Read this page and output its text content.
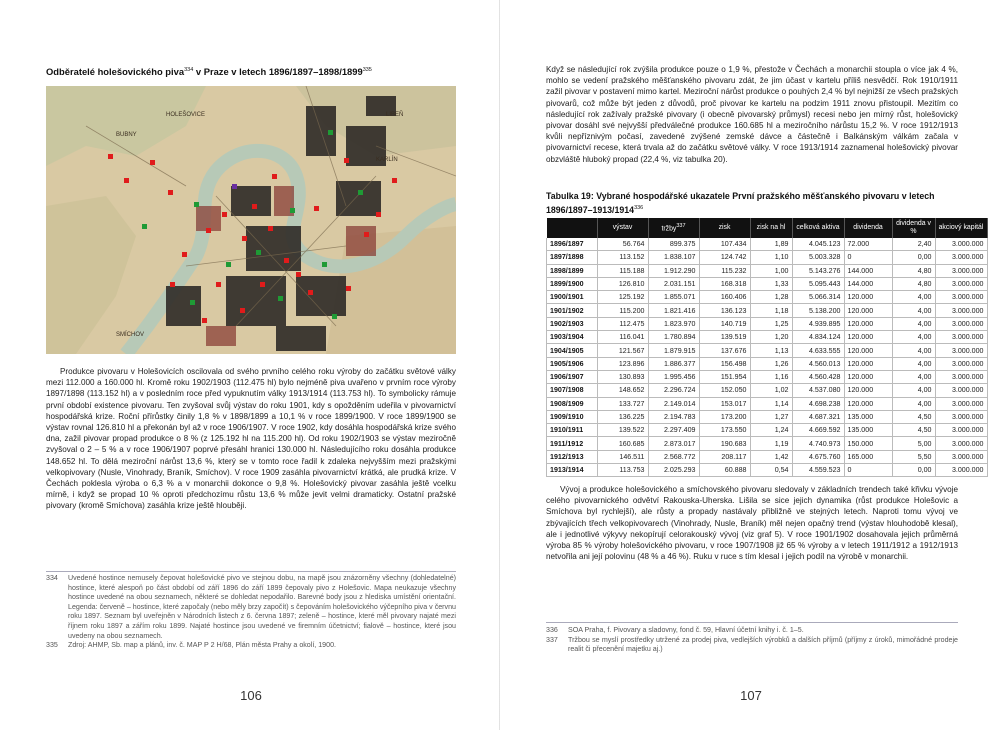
Odběratelé holešovického piva$^{334}$ v Praze v letech 1896/1897–1898/1899$^{335}$
HOLEŠOVICE
BUBNY
LIBEŇ
KARLÍN
SMÍCHOV

Produkce pivovaru v Holešovicích oscilovala od svého prvního celého roku výroby do začátku světové války mezi 112.000 a 160.000 hl. Kromě roku 1902/1903 (112.475 hl) bylo nejméně piva uvařeno v prvním roce výroby 1897/1898 (113.152 hl) a v posledním roce před vypuknutím války 1913/1914 (113.753 hl). To symbolicky rámuje první období existence pivovaru. Ten zvyšoval svůj výstav do roku 1901, kdy s opožděním udeřila v pivovarnictví hospodářská krize. Roční přírůstky činily 1,8 % v 1898/1899 a 10,1 % v roce 1899/1900. V roce 1899/1900 se výstav rovnal 126.810 hl a překonán byl až v roce 1906/1907. V roce 1902, kdy dosáhla hospodářská krize svého dna, zažil pivovar propad produkce o 8 % (z 125.192 hl na 115.200 hl). Od roku 1902/1903 se výstav meziročně zvyšoval o 2 – 5 % a v roce 1906/1907 poprvé přesáhl hranici 130.000 hl. Následujícího roku dosáhla produkce 148.652 hl. To dělá meziroční nárůst 13,6 %, který se v tomto roce řadil k zdaleka nejvyšším mezi pražskými velkopivovary (Nusle, Vinohrady, Braník, Smíchov). V roce 1909 zasáhla pivovarnictví krátká, ale prudká krize. V Čechách poklesla výroba o 6,3 % a v monarchii dokonce o 9,8 %. Holešovický pivovar zasáhla ještě vcelku mírně, i když se propad 10 % oproti předchozímu růstu 13,6 % může jevit velmi dramaticky. Ostatní pražské pivovary (kromě Smíchova) zasáhla krize ještě hlouběji.

334	Uvedené hostince nemusely čepovat holešovické pivo ve stejnou dobu, na mapě jsou znázorněny všechny (dohledatelné) hostince, které alespoň po část období od září 1896 do září 1899 čepovaly pivo z Holešovic. Mapa neukazuje všechny hostince uvedené na obou seznamech, některé se dohledat nepodařilo. Barevné body jsou z hlediska umístění orientační. Legenda: červeně – hostince, které započaly (nebo měly brzy započít) s čepováním holešovického výčepního piva v červnu roku 1897. Seznam byl uveřejněn v Národních listech z 6. června 1897; zeleně – hostince, které měl pivovary najaté mezi říjnem roku 1897 a zářím roku 1899. Najaté hostince jsou uvedené ve firemním účetnictví; fialově – hostince, které jsou uvedeny na obou seznamech.
335	Zdroj: AHMP, Sb. map a plánů, inv. č. MAP P 2 H/68, Plán města Prahy a okolí, 1900.
106

Když se následující rok zvýšila produkce pouze o 1,9 %, přestože v Čechách a monarchii stoupla o více jak 4 %, mohlo se vedení pražského měšťanského pivovaru zdát, že jim účast v kartelu příliš nesvědčí. Rok 1910/1911 zažil pivovar v postavení mimo kartel. Meziroční nárůst produkce o pouhých 2,4 % byl nejnižší ze všech pražských pivovarů, což může být jeden z důvodů, proč pivovar ke kartelu na podzim 1911 znovu přistoupil. Mezitím co následující rok zažívaly pražské pivovary (i obecně pivovarský průmysl) recesi nebo jen mírný růst, holešovický pivovar dosáhl své nejvyšší předválečné produkce 160.685 hl a meziročního nárůstu 15,2 %. V roce 1912/1913 kvůli nepříznivým počasí, zavedené zvýšené zemské dávce a částečně i Balkánským válkám začala v pivovarnictví recese, která trvala až do začátku světové války. V roce 1913/1914 zaznamenal holešovický pivovar obzvláště hluboký propad (22,4 %, viz tabulka 20).

Tabulka 19: Vybrané hospodářské ukazatele První pražského měšťanského pivovaru v letech 1896/1897–1913/1914$^{336}$
	výstav	tržby$^{337}$	zisk	zisk na hl	celková aktiva	dividenda	dividenda v %	akciový kapitál
1896/1897	56.764	899.375	107.434	1,89	4.045.123	72.000	2,40	3.000.000
1897/1898	113.152	1.838.107	124.742	1,10	5.003.328	0	0,00	3.000.000
1898/1899	115.188	1.912.290	115.232	1,00	5.143.276	144.000	4,80	3.000.000
1899/1900	126.810	2.031.151	168.318	1,33	5.095.443	144.000	4,80	3.000.000
1900/1901	125.192	1.855.071	160.406	1,28	5.066.314	120.000	4,00	3.000.000
1901/1902	115.200	1.821.416	136.123	1,18	5.138.200	120.000	4,00	3.000.000
1902/1903	112.475	1.823.970	140.719	1,25	4.939.895	120.000	4,00	3.000.000
1903/1904	116.041	1.780.894	139.519	1,20	4.834.124	120.000	4,00	3.000.000
1904/1905	121.567	1.879.915	137.676	1,13	4.633.555	120.000	4,00	3.000.000
1905/1906	123.896	1.886.377	156.498	1,26	4.560.013	120.000	4,00	3.000.000
1906/1907	130.893	1.995.456	151.954	1,16	4.560.428	120.000	4,00	3.000.000
1907/1908	148.652	2.296.724	152.050	1,02	4.537.080	120.000	4,00	3.000.000
1908/1909	133.727	2.149.014	153.017	1,14	4.698.238	120.000	4,00	3.000.000
1909/1910	136.225	2.194.783	173.200	1,27	4.687.321	135.000	4,50	3.000.000
1910/1911	139.522	2.297.409	173.550	1,24	4.669.592	135.000	4,50	3.000.000
1911/1912	160.685	2.873.017	190.683	1,19	4.740.973	150.000	5,00	3.000.000
1912/1913	146.511	2.568.772	208.117	1,42	4.675.760	165.000	5,50	3.000.000
1913/1914	113.753	2.025.293	60.888	0,54	4.559.523	0	0,00	3.000.000

Vývoj a produkce holešovického a smíchovského pivovaru sledovaly v základních trendech také křivku vývoje celého pivovarnického odvětví Rakouska-Uherska. Lišila se sice jejich dynamika (růst produkce Holešovic a Smíchova byl rychlejší), ale růsty a propady nastávaly přibližně ve stejných letech. Naproti tomu vývoj ve zbývajících třech velkopivovarech (Vinohrady, Nusle, Braník) měl nejen opačný trend (výstav hlouhodobě klesal), ale i jednotlivé výkyvy nekopírují celorakouský vývoj (viz graf 5). V roce 1901/1902 dosahovala jejich průměrná výroba 85 % výroby holešovického pivovaru, v roce 1907/1908 již 65 % výroby a v letech 1911/1912 a 1912/1913 netvořila ani její polovinu (48 % a 46 %). Ruku v ruce s tím klesal i jejich podíl na výrobě v monarchii.

336	SOA Praha, f. Pivovary a sladovny, fond č. 59, Hlavní účetní knihy i. č. 1–5.
337	Tržbou se myslí prostředky utržené za prodej piva, vedlejších výrobků a dalších příjmů (příjmy z úroků, mimořádné prodeje realit či přecenění majetku aj.)
107
